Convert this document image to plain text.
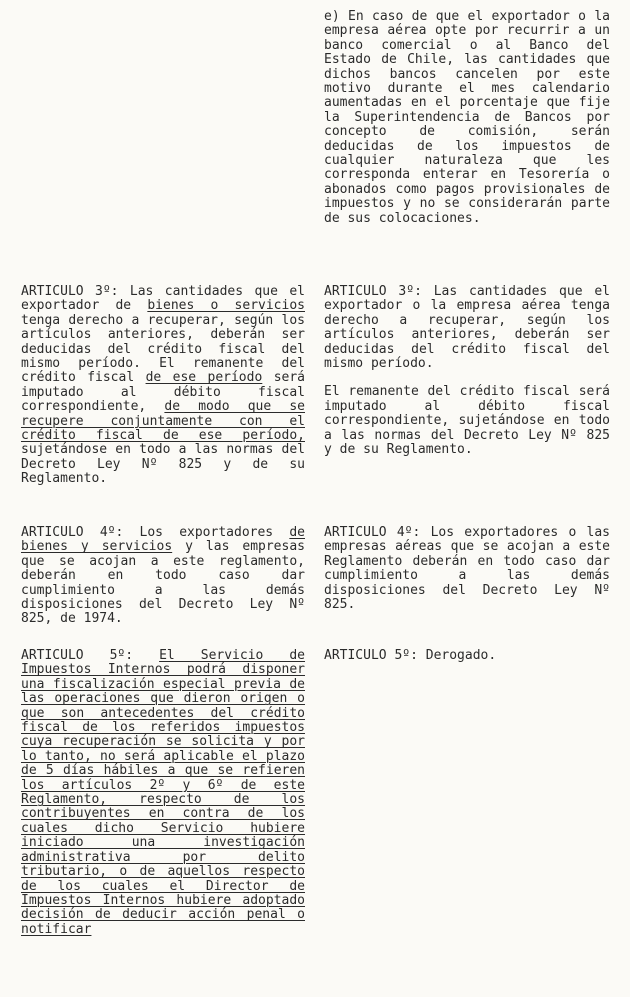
e) En caso de que el exportador o la empresa aérea opte por recurrir a un banco comercial o al Banco del Estado de Chile, las cantidades que dichos bancos cancelen por este motivo durante el mes calendario aumentadas en el porcentaje que fije la Superintendencia de Bancos por concepto de comisión, serán deducidas de los impuestos de cualquier naturaleza que les corresponda enterar en Tesorería o abonados como pagos provisionales de impuestos y no se considerarán parte de sus colocaciones.

ARTICULO 3º: Las cantidades que el exportador o la empresa aérea tenga derecho a recuperar, según los artículos anteriores, deberán ser deducidas del crédito fiscal del mismo período.

El remanente del crédito fiscal será imputado al débito fiscal correspondiente, sujetándose en todo a las normas del Decreto Ley Nº 825 y de su Reglamento.

ARTICULO 4º: Los exportadores o las empresas aéreas que se acojan a este Reglamento deberán en todo caso dar cumplimiento a las demás disposiciones del Decreto Ley Nº 825.

ARTICULO 5º: Derogado.

ARTICULO 3º: Las cantidades que el exportador de bienes o servicios tenga derecho a recuperar, según los artículos anteriores, deberán ser deducidas del crédito fiscal del mismo período. El remanente del crédito fiscal de ese período será imputado al débito fiscal correspondiente, de modo que se recupere conjuntamente con el crédito fiscal de ese período, sujetándose en todo a las normas del Decreto Ley Nº 825 y de su Reglamento.

ARTICULO 4º: Los exportadores de bienes y servicios y las empresas que se acojan a este reglamento, deberán en todo caso dar cumplimiento a las demás disposiciones del Decreto Ley Nº 825, de 1974.

ARTICULO 5º: El Servicio de Impuestos Internos podrá disponer una fiscalización especial previa de las operaciones que dieron origen o que son antecedentes del crédito fiscal de los referidos impuestos cuya recuperación se solicita y por lo tanto, no será aplicable el plazo de 5 días hábiles a que se refieren los artículos 2º y 6º de este Reglamento, respecto de los contribuyentes en contra de los cuales dicho Servicio hubiere iniciado una investigación administrativa por delito tributario, o de aquellos respecto de los cuales el Director de Impuestos Internos hubiere adoptado decisión de deducir acción penal o notificar
